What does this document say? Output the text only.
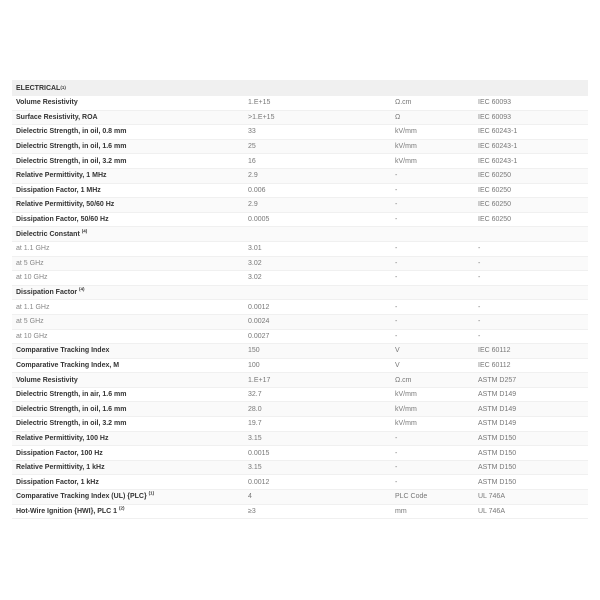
ELECTRICAL (1)
Volume Resistivity	1.E+15	Ω.cm	IEC 60093
Surface Resistivity, ROA	>1.E+15	Ω	IEC 60093
Dielectric Strength, in oil, 0.8 mm	33	kV/mm	IEC 60243-1
Dielectric Strength, in oil, 1.6 mm	25	kV/mm	IEC 60243-1
Dielectric Strength, in oil, 3.2 mm	16	kV/mm	IEC 60243-1
Relative Permittivity, 1 MHz	2.9	-	IEC 60250
Dissipation Factor, 1 MHz	0.006	-	IEC 60250
Relative Permittivity, 50/60 Hz	2.9	-	IEC 60250
Dissipation Factor, 50/60 Hz	0.0005	-	IEC 60250
Dielectric Constant $^{(4)}$
at 1.1 GHz	3.01	-	-
at 5 GHz	3.02	-	-
at 10 GHz	3.02	-	-
Dissipation Factor $^{(4)}$
at 1.1 GHz	0.0012	-	-
at 5 GHz	0.0024	-	-
at 10 GHz	0.0027	-	-
Comparative Tracking Index	150	V	IEC 60112
Comparative Tracking Index, M	100	V	IEC 60112
Volume Resistivity	1.E+17	Ω.cm	ASTM D257
Dielectric Strength, in air, 1.6 mm	32.7	kV/mm	ASTM D149
Dielectric Strength, in oil, 1.6 mm	28.0	kV/mm	ASTM D149
Dielectric Strength, in oil, 3.2 mm	19.7	kV/mm	ASTM D149
Relative Permittivity, 100 Hz	3.15	-	ASTM D150
Dissipation Factor, 100 Hz	0.0015	-	ASTM D150
Relative Permittivity, 1 kHz	3.15	-	ASTM D150
Dissipation Factor, 1 kHz	0.0012	-	ASTM D150
Comparative Tracking Index (UL) {PLC} $^{(1)}$	4	PLC Code	UL 746A
Hot-Wire Ignition {HWI}, PLC 1 $^{(2)}$	≥3	mm	UL 746A
